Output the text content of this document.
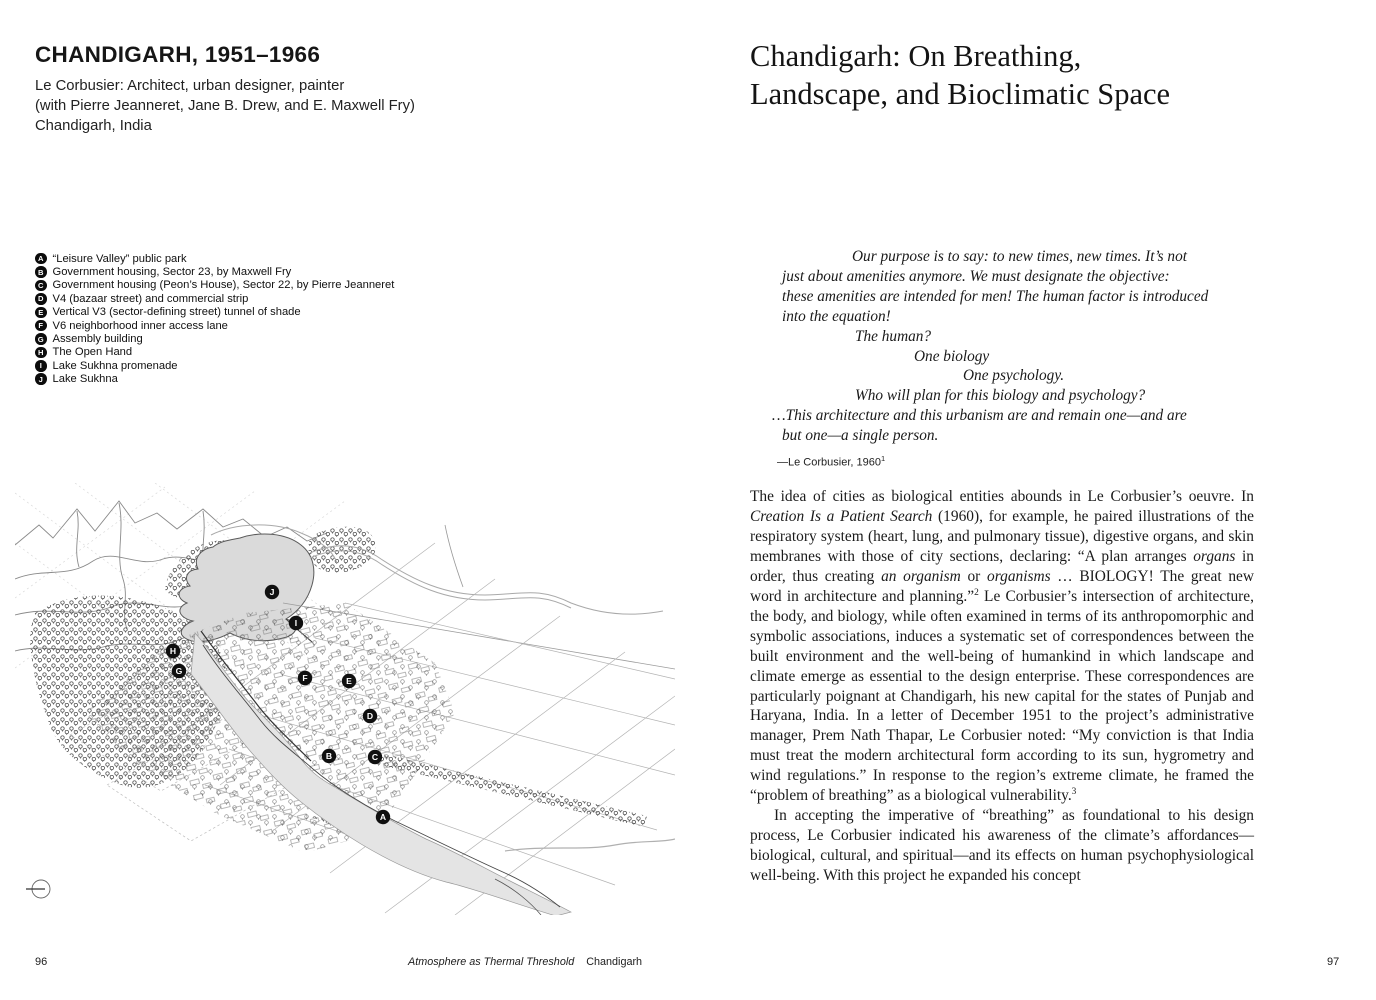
CHANDIGARH, 1951–1966
Le Corbusier: Architect, urban designer, painter
(with Pierre Jeanneret, Jane B. Drew, and E. Maxwell Fry)
Chandigarh, India
A “Leisure Valley” public park
B Government housing, Sector 23, by Maxwell Fry
C Government housing (Peon’s House), Sector 22, by Pierre Jeanneret
D V4 (bazaar street) and commercial strip
E Vertical V3 (sector-defining street) tunnel of shade
F V6 neighborhood inner access lane
G Assembly building
H The Open Hand
I Lake Sukhna promenade
J Lake Sukhna
A
B	C
D
E
F
G
H
I
J
Chandigarh: On Breathing,
Landscape, and Bioclimatic Space
Our purpose is to say: to new times, new times. It’s not
just about amenities anymore. We must designate the objective:
these amenities are intended for men! The human factor is introduced
into the equation!
The human?
One biology
One psychology.
Who will plan for this biology and psychology?
…This architecture and this urbanism are and remain one—and are
but one—a single person.
—Le Corbusier, 1960$^1$

The idea of cities as biological entities abounds in Le Corbusier’s oeuvre. In Creation Is a Patient Search (1960), for example, he paired illustrations of the respiratory system (heart, lung, and pulmonary tissue), digestive organs, and skin membranes with those of city sections, declaring: “A plan arranges organs in order, thus creating an organism or organisms … BIOLOGY! The great new word in architecture and planning.”$^2$ Le Corbusier’s intersection of architecture, the body, and biology, while often examined in terms of its anthropomorphic and symbolic associations, induces a systematic set of correspondences between the built environment and the well-being of humankind in which landscape and climate emerge as essential to the design enterprise. These correspondences are particularly poignant at Chandigarh, his new capital for the states of Punjab and Haryana, India. In a letter of December 1951 to the project’s administrative manager, Prem Nath Thapar, Le Corbusier noted: “My conviction is that India must treat the modern architectural form according to its sun, hygrometry and wind regulations.” In response to the region’s extreme climate, he framed the “problem of breathing” as a biological vulnerability.$^3$

In accepting the imperative of “breathing” as foundational to his design process, Le Corbusier indicated his awareness of the climate’s affordances—biological, cultural, and spiritual—and its effects on human psychophysiological well-being. With this project he expanded his concept

96	Atmosphere as Thermal Threshold Chandigarh	97
